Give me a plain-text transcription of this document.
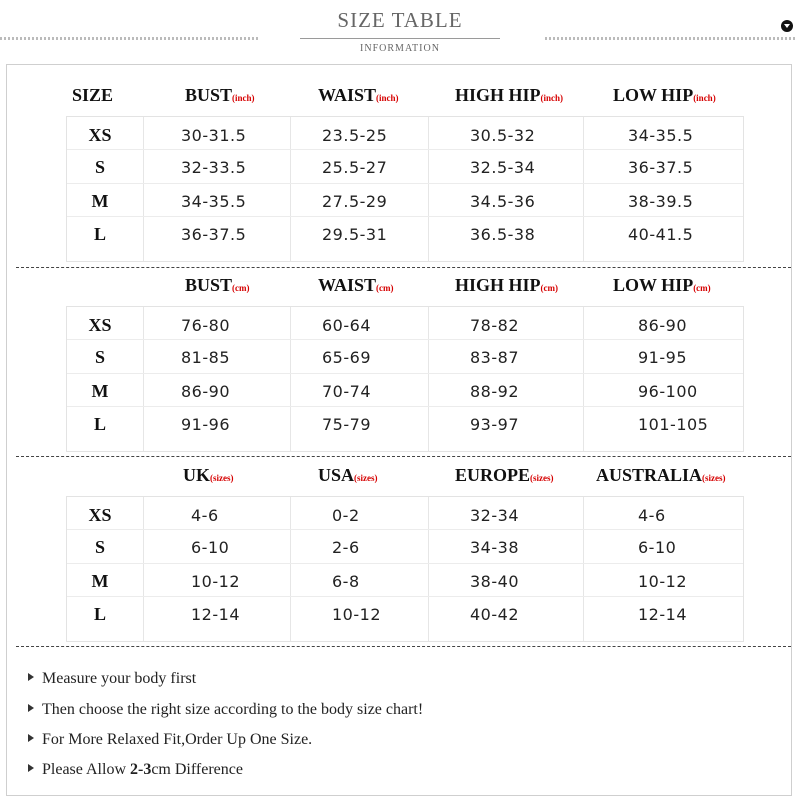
SIZE TABLE
INFORMATION
SIZE	BUST(inch)	WAIST(inch)	HIGH HIP(inch)	LOW HIP(inch)
XS	30-31.5	23.5-25	30.5-32	34-35.5
S	32-33.5	25.5-27	32.5-34	36-37.5
M	34-35.5	27.5-29	34.5-36	38-39.5
L	36-37.5	29.5-31	36.5-38	40-41.5
BUST(cm)	WAIST(cm)	HIGH HIP(cm)	LOW HIP(cm)
XS	76-80	60-64	78-82	86-90
S	81-85	65-69	83-87	91-95
M	86-90	70-74	88-92	96-100
L	91-96	75-79	93-97	101-105
UK(sizes)	USA(sizes)	EUROPE(sizes) AUSTRALIA(sizes)
XS	4-6	0-2	32-34	4-6
S	6-10	2-6	34-38	6-10
M	10-12	6-8	38-40	10-12
L	12-14	10-12	40-42	12-14
Measure your body first
Then choose the right size according to the body size chart!
For More Relaxed Fit,Order Up One Size.
Please Allow 2-3cm Difference
